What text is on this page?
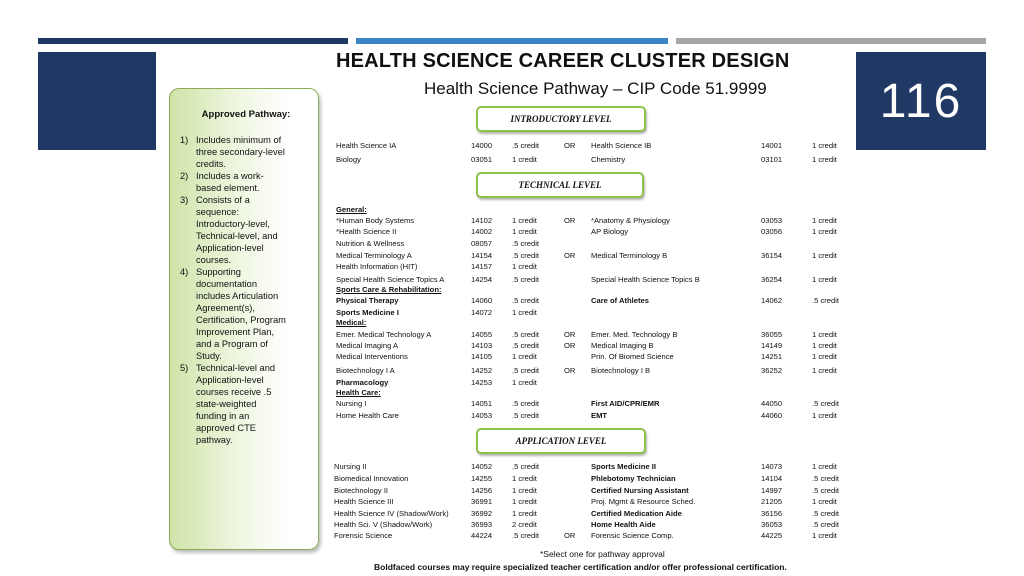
116
Approved Pathway:
1) Includes minimum of three secondary-level credits.
2) Includes a work-based element.
3) Consists of a sequence: Introductory-level, Technical-level, and Application-level courses.
4) Supporting documentation includes Articulation Agreement(s), Certification, Program Improvement Plan, and a Program of Study.
5) Technical-level and Application-level courses receive .5 state-weighted funding in an approved CTE pathway.
HEALTH SCIENCE CAREER CLUSTER DESIGN
Health Science Pathway – CIP Code 51.9999
INTRODUCTORY LEVEL
TECHNICAL LEVEL
APPLICATION LEVEL
General:
Sports Care & Rehabilitation:
Medical:
Health Care:
Health Science IA	14000	.5 credit	OR Health Science IB	14001	1 credit
Biology	03051	1 credit	Chemistry	03101	1 credit
*Human Body Systems	14102	1 credit	OR *Anatomy & Physiology	03053	1 credit
*Health Science II	14002	1 credit	AP Biology	03056	1 credit
Nutrition & Wellness	08057	.5 credit
Medical Terminology A	14154	.5 credit	OR Medical Terminology B	36154	1 credit
Health Information (HIT)	14157	1 credit
Special Health Science Topics A	14254	.5 credit	Special Health Science Topics B	36254	1 credit
Physical Therapy	14060	.5 credit	Care of Athletes	14062	.5 credit
Sports Medicine I	14072	1 credit
Emer. Medical Technology A	14055	.5 credit	OR Emer. Med. Technology B	36055	1 credit
Medical Imaging A	14103	.5 credit	OR Medical Imaging B	14149	1 credit
Medical Interventions	14105	1 credit	Prin. Of Biomed Science	14251	1 credit
Biotechnology I A	14252	.5 credit	OR Biotechnology I B	36252	1 credit
Pharmacology	14253	1 credit
Nursing I	14051	.5 credit	First AID/CPR/EMR	44050	.5 credit
Home Health Care	14053	.5 credit	EMT	44060	1 credit
Nursing II	14052	.5 credit	Sports Medicine II	14073	1 credit
Biomedical Innovation	14255	1 credit	Phlebotomy Technician	14104	.5 credit
Biotechnology II	14256	1 credit	Certified Nursing Assistant	14997	.5 credit
Health Science III	36991	1 credit	Proj. Mgmt & Resource Sched.	21205	1 credit
Health Science IV (Shadow/Work)	36992	1 credit	Certified Medication Aide	36156	.5 credit
Health Sci. V (Shadow/Work)	36993	2 credit	Home Health Aide	36053	.5 credit
Forensic Science	44224	.5 credit	OR Forensic Science Comp.	44225	1 credit
*Select one for pathway approval
Boldfaced courses may require specialized teacher certification and/or offer professional certification.
